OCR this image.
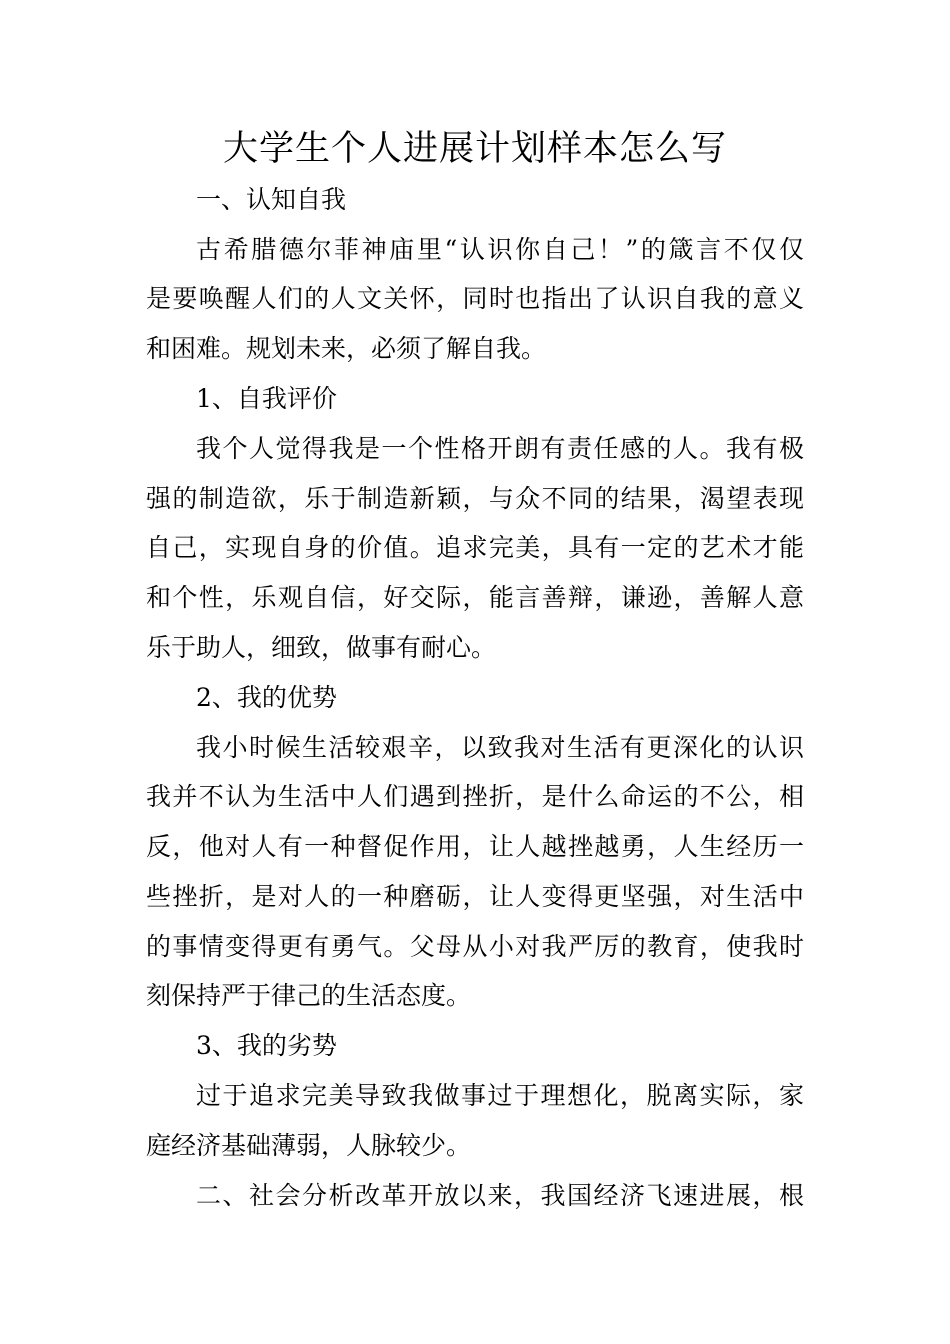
大学生个人进展计划样本怎么写
一、认知自我
古希腊德尔菲神庙里“认识你自己！”的箴言不仅仅
是要唤醒人们的人文关怀，同时也指出了认识自我的意义
和困难。规划未来，必须了解自我。
1、自我评价
我个人觉得我是一个性格开朗有责任感的人。我有极
强的制造欲，乐于制造新颖，与众不同的结果，渴望表现
自己，实现自身的价值。追求完美，具有一定的艺术才能
和个性，乐观自信，好交际，能言善辩，谦逊，善解人意
乐于助人，细致，做事有耐心。
2、我的优势
我小时候生活较艰辛，以致我对生活有更深化的认识
我并不认为生活中人们遇到挫折，是什么命运的不公，相
反，他对人有一种督促作用，让人越挫越勇，人生经历一
些挫折，是对人的一种磨砺，让人变得更坚强，对生活中
的事情变得更有勇气。父母从小对我严厉的教育，使我时
刻保持严于律己的生活态度。
3、我的劣势
过于追求完美导致我做事过于理想化，脱离实际，家
庭经济基础薄弱，人脉较少。
二、社会分析改革开放以来，我国经济飞速进展，根
